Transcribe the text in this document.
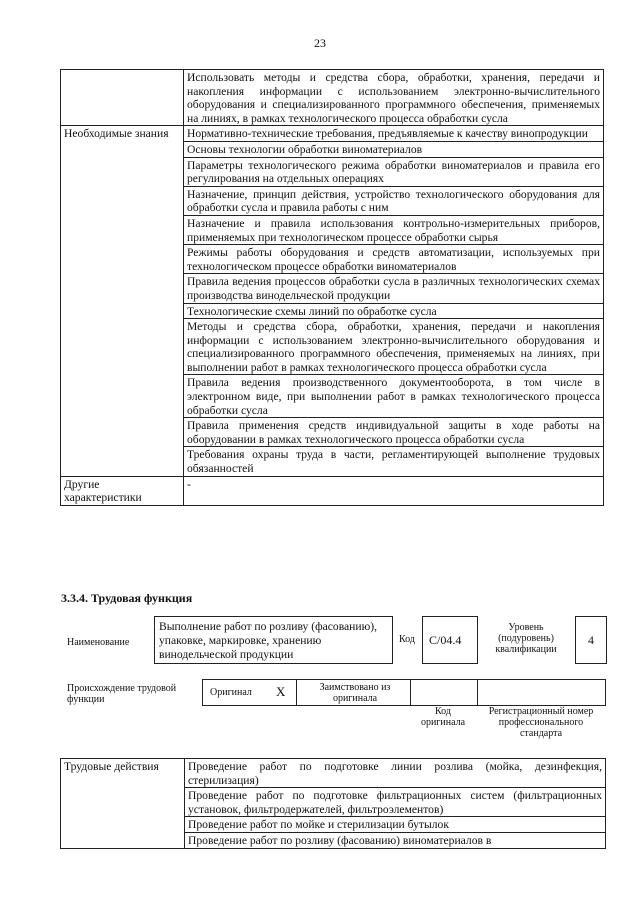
23
	Использовать методы и средства сбора, обработки, хранения, передачи и накопления информации с использованием электронно-вычислительного оборудования и специализированного программного обеспечения, применяемых на линиях, в рамках технологического процесса обработки сусла
Необходимые знания	Нормативно-технические требования, предъявляемые к качеству винопродукции
	Основы технологии обработки виноматериалов
	Параметры технологического режима обработки виноматериалов и правила его регулирования на отдельных операциях
	Назначение, принцип действия, устройство технологического оборудования для обработки сусла и правила работы с ним
	Назначение и правила использования контрольно-измерительных приборов, применяемых при технологическом процессе обработки сырья
	Режимы работы оборудования и средств автоматизации, используемых при технологическом процессе обработки виноматериалов
	Правила ведения процессов обработки сусла в различных технологических схемах производства винодельческой продукции
	Технологические схемы линий по обработке сусла
	Методы и средства сбора, обработки, хранения, передачи и накопления информации с использованием электронно-вычислительного оборудования и специализированного программного обеспечения, применяемых на линиях, при выполнении работ в рамках технологического процесса обработки сусла
	Правила ведения производственного документооборота, в том числе в электронном виде, при выполнении работ в рамках технологического процесса обработки сусла
	Правила применения средств индивидуальной защиты в ходе работы на оборудовании в рамках технологического процесса обработки сусла
	Требования охраны труда в части, регламентирующей выполнение трудовых обязанностей
Другие характеристики	-
3.3.4. Трудовая функция
Наименование
Выполнение работ по розливу (фасованию), упаковке, маркировке, хранению винодельческой продукции
Код	C/04.4
Уровень (подуровень) квалификации
4
Происхождение трудовой функции
Оригинал X	Заимствовано из оригинала
Код оригинала
Регистрационный номер профессионального стандарта
Трудовые действия	Проведение работ по подготовке линии розлива (мойка, дезинфекция, стерилизация)
Проведение работ по подготовке фильтрационных систем (фильтрационных установок, фильтродержателей, фильтроэлементов)
Проведение работ по мойке и стерилизации бутылок
Проведение работ по розливу (фасованию) виноматериалов в
